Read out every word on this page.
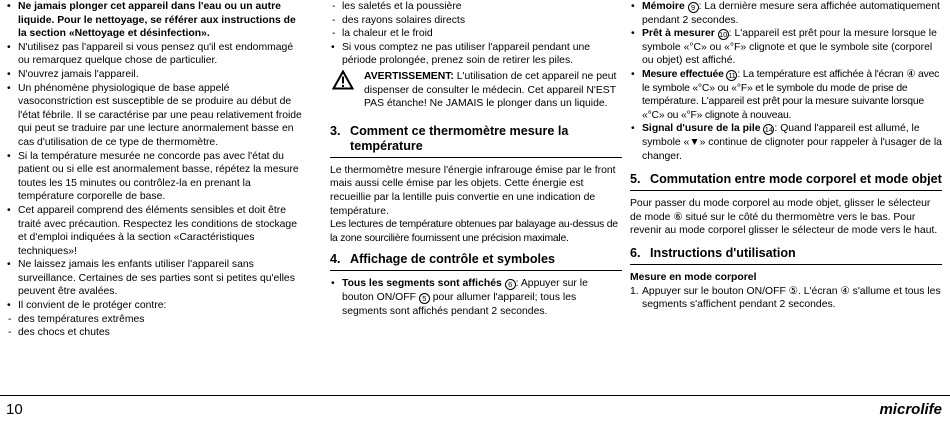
• Ne jamais plonger cet appareil dans l'eau ou un autre liquide. Pour le nettoyage, se référer aux instructions de la section «Nettoyage et désinfection».
• N'utilisez pas l'appareil si vous pensez qu'il est endommagé ou remarquez quelque chose de particulier.
• N'ouvrez jamais l'appareil.
• Un phénomène physiologique de base appelé vasoconstriction est susceptible de se produire au début de l'état fébrile. Il se caractérise par une peau relativement froide qui peut se traduire par une lecture anormalement basse en cas d'utilisation de ce type de thermomètre.
• Si la température mesurée ne concorde pas avec l'état du patient ou si elle est anormalement basse, répétez la mesure toutes les 15 minutes ou contrôlez-la en prenant la température corporelle de base.
• Cet appareil comprend des éléments sensibles et doit être traité avec précaution. Respectez les conditions de stockage et d'emploi indiquées à la section «Caractéristiques techniques»!
• Ne laissez jamais les enfants utiliser l'appareil sans surveillance. Certaines de ses parties sont si petites qu'elles peuvent être avalées.
• Il convient de le protéger contre:
- des températures extrêmes
- des chocs et chutes
- les saletés et la poussière
- des rayons solaires directs
- la chaleur et le froid
• Si vous comptez ne pas utiliser l'appareil pendant une période prolongée, prenez soin de retirer les piles.
AVERTISSEMENT: L'utilisation de cet appareil ne peut dispenser de consulter le médecin. Cet appareil N'EST PAS étanche! Ne JAMAIS le plonger dans un liquide.
3. Comment ce thermomètre mesure la température

Le thermomètre mesure l'énergie infrarouge émise par le front mais aussi celle émise par les objets. Cette énergie est recueillie par la lentille puis convertie en une indication de température.

Les lectures de température obtenues par balayage au-dessus de la zone sourcilière fournissent une précision maximale.

4. Affichage de contrôle et symboles
• Tous les segments sont affichés 6 : Appuyer sur le bouton ON/OFF 5 pour allumer l'appareil; tous les segments sont affichés pendant 2 secondes.
• Mémoire 9 : La dernière mesure sera affichée automatiquement pendant 2 secondes.
• Prêt à mesurer 10: L'appareil est prêt pour la mesure lorsque le symbole «°C» ou «°F» clignote et que le symbole site (corporel ou objet) est affiché.
• Mesure effectuée 11 : La température est affichée à l'écran ④ avec le symbole «°C» ou «°F» et le symbole du mode de prise de température. L'appareil est prêt pour la mesure suivante lorsque «°C» ou «°F» clignote à nouveau.
• Signal d'usure de la pile 14: Quand l'appareil est allumé, le symbole «▼» continue de clignoter pour rappeler à l'usager de la changer.
5. Commutation entre mode corporel et mode objet

Pour passer du mode corporel au mode objet, glisser le sélecteur de mode ⑥ situé sur le côté du thermomètre vers le bas. Pour revenir au mode corporel glisser le sélecteur de mode vers le haut.

6. Instructions d'utilisation

Mesure en mode corporel

1. Appuyer sur le bouton ON/OFF ⑤. L'écran ④ s'allume et tous les segments s'affichent pendant 2 secondes.
10	microlife
